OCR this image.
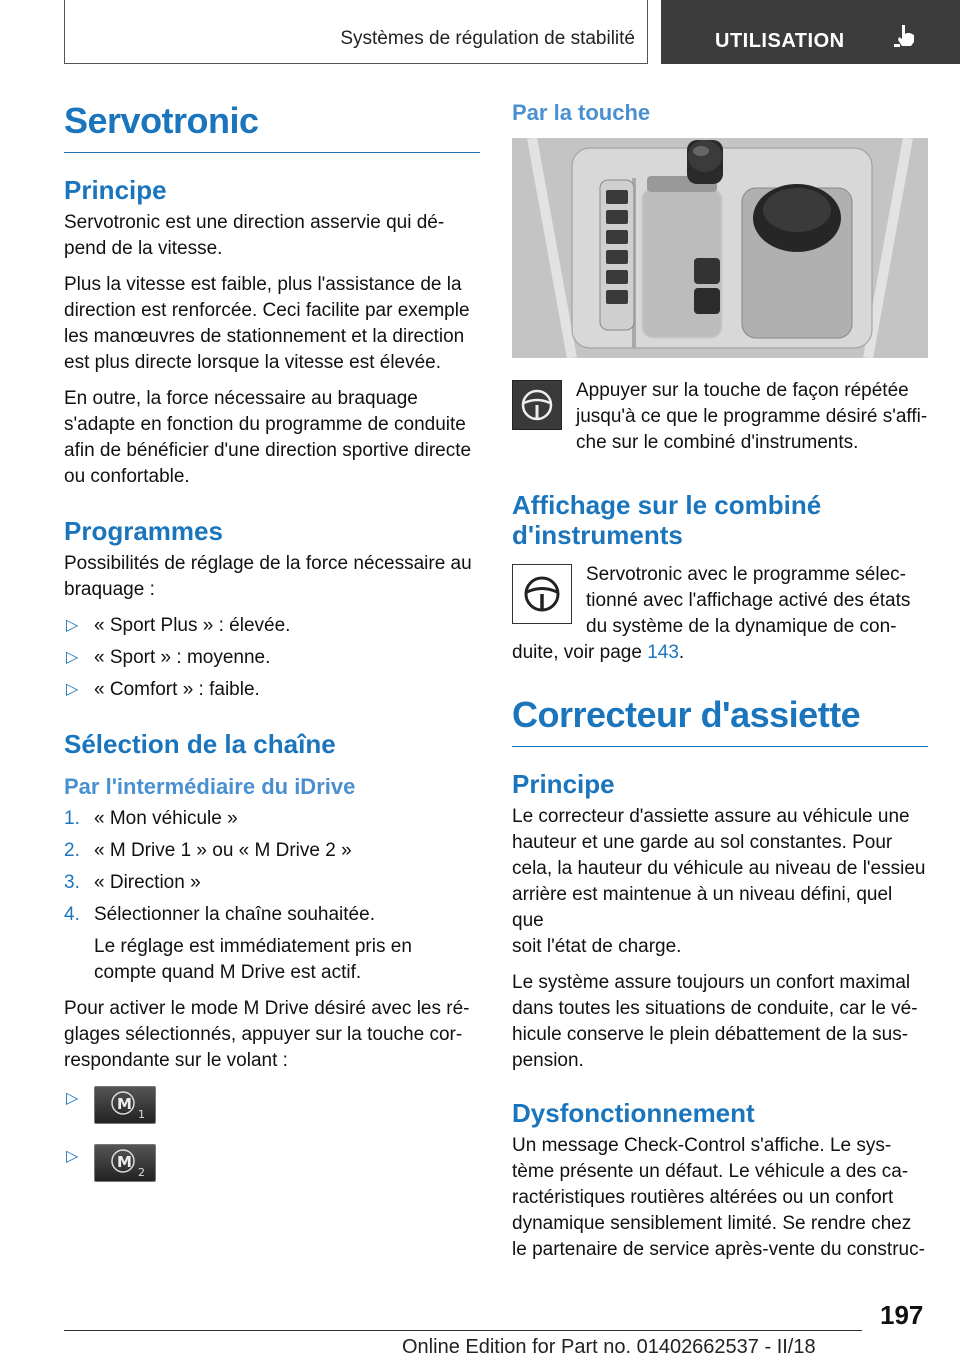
Systèmes de régulation de stabilité	UTILISATION
Servotronic
Principe

Servotronic est une direction asservie qui dé-
pend de la vitesse.

Plus la vitesse est faible, plus l'assistance de la
direction est renforcée. Ceci facilite par exemple
les manœuvres de stationnement et la direction
est plus directe lorsque la vitesse est élevée.

En outre, la force nécessaire au braquage
s'adapte en fonction du programme de conduite
afin de bénéficier d'une direction sportive directe
ou confortable.

Programmes

Possibilités de réglage de la force nécessaire au
braquage :

▷ « Sport Plus » : élevée.
▷ « Sport » : moyenne.
▷ « Comfort » : faible.
Sélection de la chaîne
Par l'intermédiaire du iDrive
1. « Mon véhicule »
2. « M Drive 1 » ou « M Drive 2 »
3. « Direction »
4. Sélectionner la chaîne souhaitée.

Le réglage est immédiatement pris en
compte quand M Drive est actif.

Pour activer le mode M Drive désiré avec les ré-
glages sélectionnés, appuyer sur la touche cor-
respondante sur le volant :

▷	M
1
▷	M
2
Par la touche

Appuyer sur la touche de façon répétée
jusqu'à ce que le programme désiré s'affi-
che sur le combiné d'instruments.

Affichage sur le combiné
d'instruments

Servotronic avec le programme sélec-
tionné avec l'affichage activé des états
du système de la dynamique de con-
duite, voir page 143.

Correcteur d'assiette
Principe

Le correcteur d'assiette assure au véhicule une
hauteur et une garde au sol constantes. Pour
cela, la hauteur du véhicule au niveau de l'essieu
arrière est maintenue à un niveau défini, quel que
soit l'état de charge.

Le système assure toujours un confort maximal
dans toutes les situations de conduite, car le vé-
hicule conserve le plein débattement de la sus-
pension.

Dysfonctionnement

Un message Check-Control s'affiche. Le sys-
tème présente un défaut. Le véhicule a des ca-
ractéristiques routières altérées ou un confort
dynamique sensiblement limité. Se rendre chez
le partenaire de service après-vente du construc-

197
Online Edition for Part no. 01402662537 - II/18
